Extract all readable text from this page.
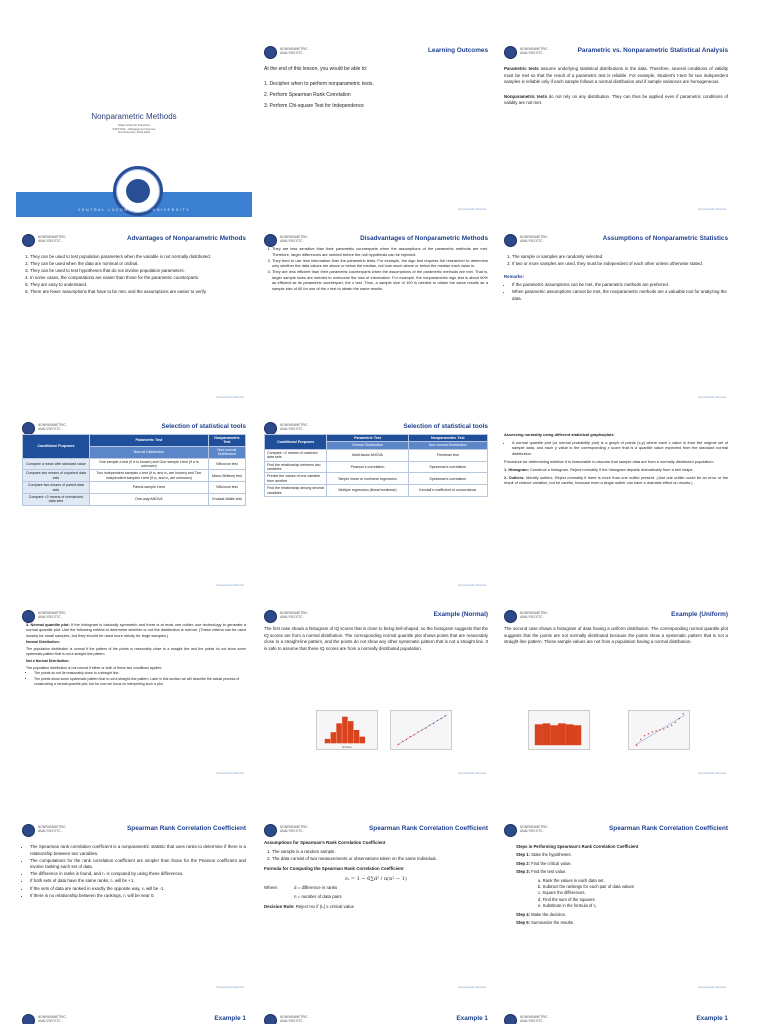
Nonparametric Methods
Shiea Grace M. Francisco
STAT1100 – Management Science
2nd Semester, 2021-2022
CENTRAL LUZON STATE UNIVERSITY
NONPARAMETRIC ANALYSIS ETC.	Learning Outcomes

At the end of this lesson, you would be able to:

1. Decipher when to perform nonparametric tests.

2. Perform Spearman Rank Correlation

3. Perform Chi-square Test for Independence

Nonparametric Methods
NONPARAMETRIC ANALYSIS ETC.	Parametric vs. Nonparametric Statistical Analysis

Parametric tests assume underlying statistical distributions in the data. Therefore, several conditions of validity must be met so that the result of a parametric test is reliable. For example, Student's t-test for two independent samples is reliable only if each sample follows a normal distribution and if sample variances are homogeneous.

Nonparametric tests do not rely on any distribution. They can thus be applied even if parametric conditions of validity are not met.

Nonparametric Methods
NONPARAMETRIC ANALYSIS ETC.	Advantages of Nonparametric Methods
1. They can be used to test population parameters when the variable is not normally distributed.
2. They can be used when the data are nominal or ordinal.
3. They can be used to test hypotheses that do not involve population parameters.
4. In some cases, the computations are easier than those for the parametric counterparts.
5. They are easy to understand.
6. There are fewer assumptions that have to be met, and the assumptions are easier to verify.
Nonparametric Methods
NONPARAMETRIC ANALYSIS ETC.	Disadvantages of Nonparametric Methods
1. They are less sensitive than their parametric counterparts when the assumptions of the parametric methods are met. Therefore, larger differences are needed before the null hypothesis can be rejected.
2. They tend to use less information than the parametric tests. For example, the sign test requires the researcher to determine only whether the data values are above or below the median, not how much above or below the median each value is.
3. They are less efficient than their parametric counterparts when the assumptions of the parametric methods are met. That is, larger sample sizes are needed to overcome the loss of information. For example, the nonparametric sign test is about 60% as efficient as its parametric counterpart, the z test. Thus, a sample size of 100 is needed to obtain the same results as a sample size of 60 for use of the z test to obtain the same results.
NONPARAMETRIC ANALYSIS ETC.	Assumptions of Nonparametric Statistics
1. The sample or samples are randomly selected.
2. If two or more samples are used, they must be independent of each other unless otherwise stated.

Remarks:

• If the parametric assumptions can be met, the parametric methods are preferred.
• When parametric assumptions cannot be met, the nonparametric methods are a valuable tool for analyzing the data.
Nonparametric Methods
NONPARAMETRIC ANALYSIS ETC.	Selection of statistical tools
Conditions/ Purposes	Parametric Test	Nonparametric Test
	Normal Distribution	Non-normal Distribution
Compare a mean with standard value	One sample z-test (if σ is known) and One sample t-test (if σ is unknown)	Wilcoxon test
Compare two means of unpaired data sets	Two independent samples z-test (if σ₁ and σ₂ are known) and Two independent samples t-test (if σ₁ and σ₂ are unknown)	Mann-Whitney test
Compare two means of paired data sets	Paired-sample t-test	Wilcoxon test
Compare >2 means of unmatched data sets	One-way ANOVA	Kruskal-Wallis test
Nonparametric Methods
NONPARAMETRIC ANALYSIS ETC.	Selection of statistical tools
Conditions/ Purposes	Parametric Test	Nonparametric Test
	Normal Distribution	Non-normal Distribution
Compare >2 means of matched data sets	Multi-factor ANOVA	Friedman test
Find the relationship between two variables	Pearson's correlation	Spearman's correlation
Predict the values of one variable from another	Simple linear or nonlinear regression	Spearman's correlation
Find the relationship among several variables	Multiple regression (linear/nonlinear)	Kendall's coefficient of concordance
Nonparametric Methods

Assessing normality using different statistical graphs/plots

• A normal quantile plot (or normal probability plot) is a graph of points (x,y) where each x value is from the original set of sample data, and each y value is the corresponding z score that is a quantile value expected from the standard normal distribution.

Procedure for determining whether it is reasonable to assume that sample data are from a normally distributed population:

1. Histogram: Construct a histogram. Reject normality if the histogram departs dramatically from a bell shape.

2. Outliers: Identify outliers. Reject normality if there is more than one outlier present. (Just one outlier could be an error or the result of chance variation, but be careful, because even a single outlier can have a dramatic effect on results.)

NONPARAMETRIC ANALYSIS ETC.

3. Normal quantile plot: If the histogram is basically symmetric and there is at most one outlier, use technology to generate a normal quantile plot. Use the following criteria to determine whether or not the distribution is normal. (These criteria can be used loosely for small samples, but they should be used more strictly for large samples.)

Normal Distribution:

The population distribution is normal if the pattern of the points is reasonably close to a straight line and the points do not show some systematic pattern that is not a straight-line pattern.

Not a Normal Distribution:

The population distribution is not normal if either or both of these two conditions applies:

• The points do not lie reasonably close to a straight line.
• The points show some systematic pattern that is not a straight-line pattern. Later in this section we will describe the actual process of constructing a normal quantile plot, but for now we focus on interpreting such a plot.
Nonparametric Methods
NONPARAMETRIC ANALYSIS ETC.	Example (Normal)

The first case shows a histogram of IQ scores that is close to being bell-shaped, so the histogram suggests that the IQ scores are from a normal distribution. The corresponding normal quantile plot shows points that are reasonably close to a straight-line pattern, and the points do not show any other systematic pattern that is not a straight line. It is safe to assume that these IQ scores are from a normally distributed population.

IQ Score
Nonparametric Methods
NONPARAMETRIC ANALYSIS ETC.	Example (Uniform)

The second case shows a histogram of data having a uniform distribution. The corresponding normal quantile plot suggests that the points are not normally distributed because the points show a systematic pattern that is not a straight-line pattern. These sample values are not from a population having a normal distribution.

Nonparametric Methods
NONPARAMETRIC ANALYSIS ETC.	Spearman Rank Correlation Coefficient
• The Spearman rank correlation coefficient is a nonparametric statistic that uses ranks to determine if there is a relationship between two variables.
• The computations for the rank correlation coefficient are simpler than those for the Pearson coefficient and involve ranking each set of data.
• The difference in ranks is found, and rₛ is computed by using these differences.
• If both sets of data have the same ranks, rₛ will be +1.
• If the sets of data are ranked in exactly the opposite way, rₛ will be -1.
• If there is no relationship between the rankings, rₛ will be near 0.
Nonparametric Methods
NONPARAMETRIC ANALYSIS ETC.	Spearman Rank Correlation Coefficient

Assumptions for Spearman's Rank Correlation Coefficient

1. The sample is a random sample.
2. The data consist of two measurements or observations taken on the same individual.

Formula for Computing the Spearman Rank Correlation Coefficient

rₛ = 1 − 6∑d² / n(n² − 1)

Where:	d = difference in ranks

n = number of data pairs

Decision Rule: Reject Ho if |rₛ| ≥ critical value

Nonparametric Methods
NONPARAMETRIC ANALYSIS ETC.	Spearman Rank Correlation Coefficient

Steps in Performing Spearman's Rank Correlation Coefficient

Step 1: State the hypotheses.

Step 2: Find the critical value.

Step 3: Find the test value.

a. Rank the values in each data set.

b. Subtract the rankings for each pair of data values

c. Square the differences.

d. Find the sum of the squares.

e. Substitute in the formula of rₛ

Step 4: Make the decision.

Step 5: Summarize the results.

Nonparametric Methods
NONPARAMETRIC ANALYSIS ETC.	Example 1	NONPARAMETRIC ANALYSIS ETC.	Example 1	NONPARAMETRIC ANALYSIS ETC.	Example 1
